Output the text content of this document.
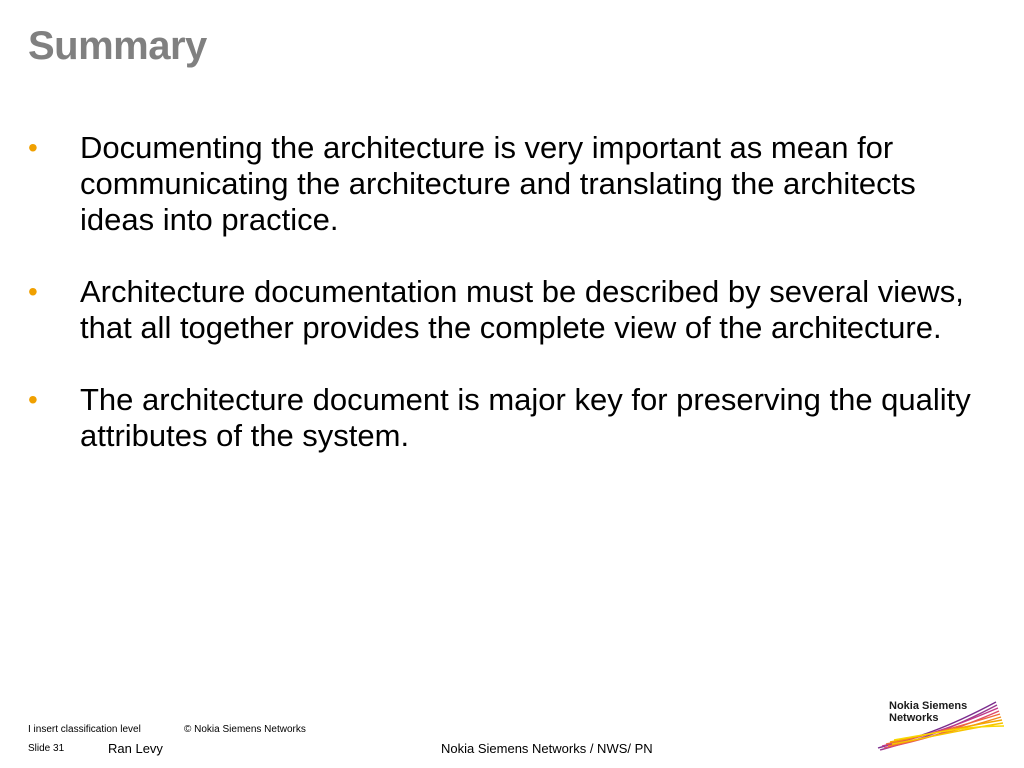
Summary
• Documenting the architecture is very important as mean for communicating the architecture and translating the architects ideas into practice.
• Architecture documentation must be described by several views, that all together provides the complete view of the architecture.
• The architecture document is major key for preserving the quality attributes of the system.
I insert classification level	© Nokia Siemens Networks
Slide 31	Ran Levy	Nokia Siemens Networks / NWS/ PN
Nokia Siemens
Networks
